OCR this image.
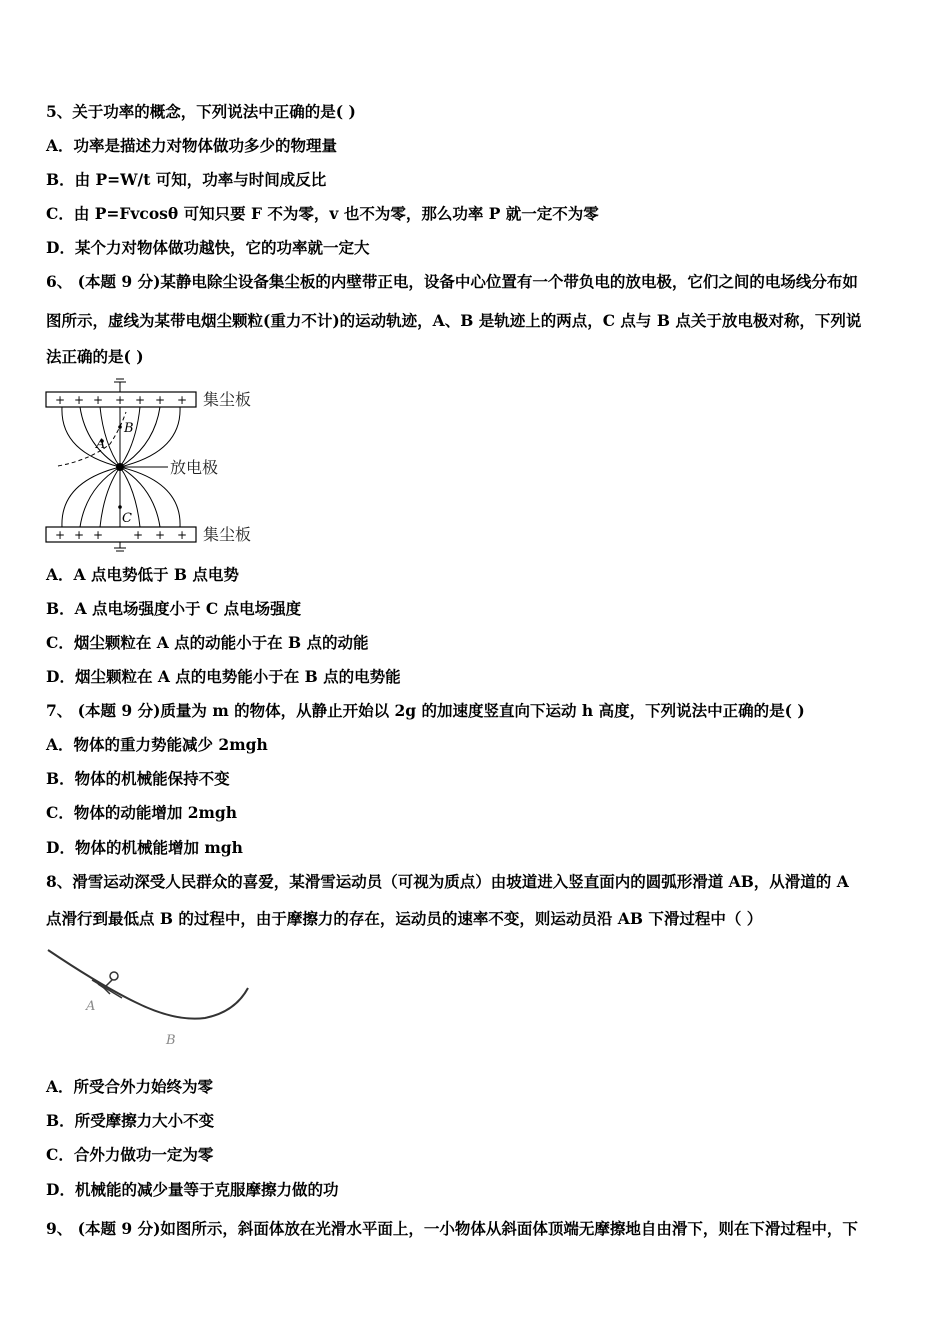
5、关于功率的概念，下列说法中正确的是( )
A．功率是描述力对物体做功多少的物理量
B．由 P=W/t 可知，功率与时间成反比
C．由 P=Fvcosθ 可知只要 F 不为零，v 也不为零，那么功率 P 就一定不为零
D．某个力对物体做功越快，它的功率就一定大
6、 (本题 9 分)某静电除尘设备集尘板的内壁带正电，设备中心位置有一个带负电的放电极，它们之间的电场线分布如
图所示，虚线为某带电烟尘颗粒(重力不计)的运动轨迹，A、B 是轨迹上的两点，C 点与 B 点关于放电极对称，下列说
法正确的是( )
+ + + + + + +
+ + + + + +
A
B
C
集尘板
放电极
集尘板
A．A 点电势低于 B 点电势
B．A 点电场强度小于 C 点电场强度
C．烟尘颗粒在 A 点的动能小于在 B 点的动能
D．烟尘颗粒在 A 点的电势能小于在 B 点的电势能
7、 (本题 9 分)质量为 m 的物体，从静止开始以 2g 的加速度竖直向下运动 h 高度，下列说法中正确的是( )
A．物体的重力势能减少 2mgh
B．物体的机械能保持不变
C．物体的动能增加 2mgh
D．物体的机械能增加 mgh
8、滑雪运动深受人民群众的喜爱，某滑雪运动员（可视为质点）由坡道进入竖直面内的圆弧形滑道 AB，从滑道的 A
点滑行到最低点 B 的过程中，由于摩擦力的存在，运动员的速率不变，则运动员沿 AB 下滑过程中（ ）
A
B
A．所受合外力始终为零
B．所受摩擦力大小不变
C．合外力做功一定为零
D．机械能的减少量等于克服摩擦力做的功
9、 (本题 9 分)如图所示，斜面体放在光滑水平面上，一小物体从斜面体顶端无摩擦地自由滑下，则在下滑过程中，下
